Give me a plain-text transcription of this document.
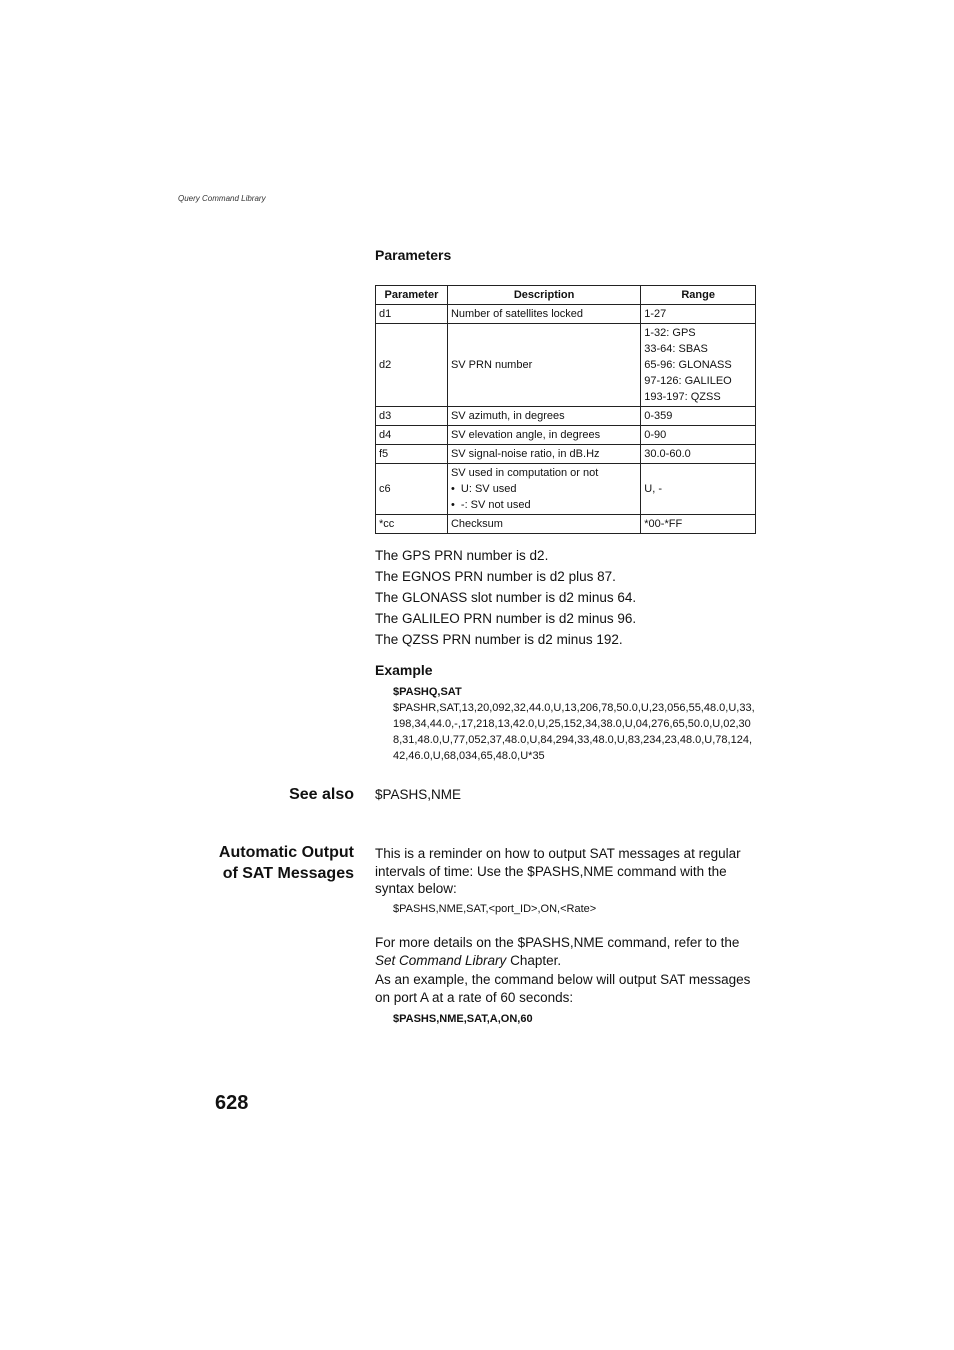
Query Command Library
Parameters
Parameter	Description	Range
d1	Number of satellites locked	1-27

d2	SV PRN number	1-32: GPS
33-64: SBAS
65-96: GLONASS
97-126: GALILEO
193-197: QZSS

d3	SV azimuth, in degrees	0-359

d4	SV elevation angle, in degrees	0-90

f5	SV signal-noise ratio, in dB.Hz	30.0-60.0

c6	SV used in computation or not
•  U: SV used
•  -: SV not used	U, -

*cc	Checksum	*00-*FF
The GPS PRN number is d2.
The EGNOS PRN number is d2 plus 87.
The GLONASS slot number is d2 minus 64.
The GALILEO PRN number is d2 minus 96.
The QZSS PRN number is d2 minus 192.
Example
$PASHQ,SAT
$PASHR,SAT,13,20,092,32,44.0,U,13,206,78,50.0,U,23,056,55,48.0,U,33,198,34,44.0,-,17,218,13,42.0,U,25,152,34,38.0,U,04,276,65,50.0,U,02,308,31,48.0,U,77,052,37,48.0,U,84,294,33,48.0,U,83,234,23,48.0,U,78,124,42,46.0,U,68,034,65,48.0,U*35
See also $PASHS,NME
Automatic Output
of SAT Messages
This is a reminder on how to output SAT messages at regular intervals of time: Use the $PASHS,NME command with the syntax below:
$PASHS,NME,SAT,<port_ID>,ON,<Rate>
For more details on the $PASHS,NME command, refer to the Set Command Library Chapter.
As an example, the command below will output SAT messages on port A at a rate of 60 seconds:
$PASHS,NME,SAT,A,ON,60
628
